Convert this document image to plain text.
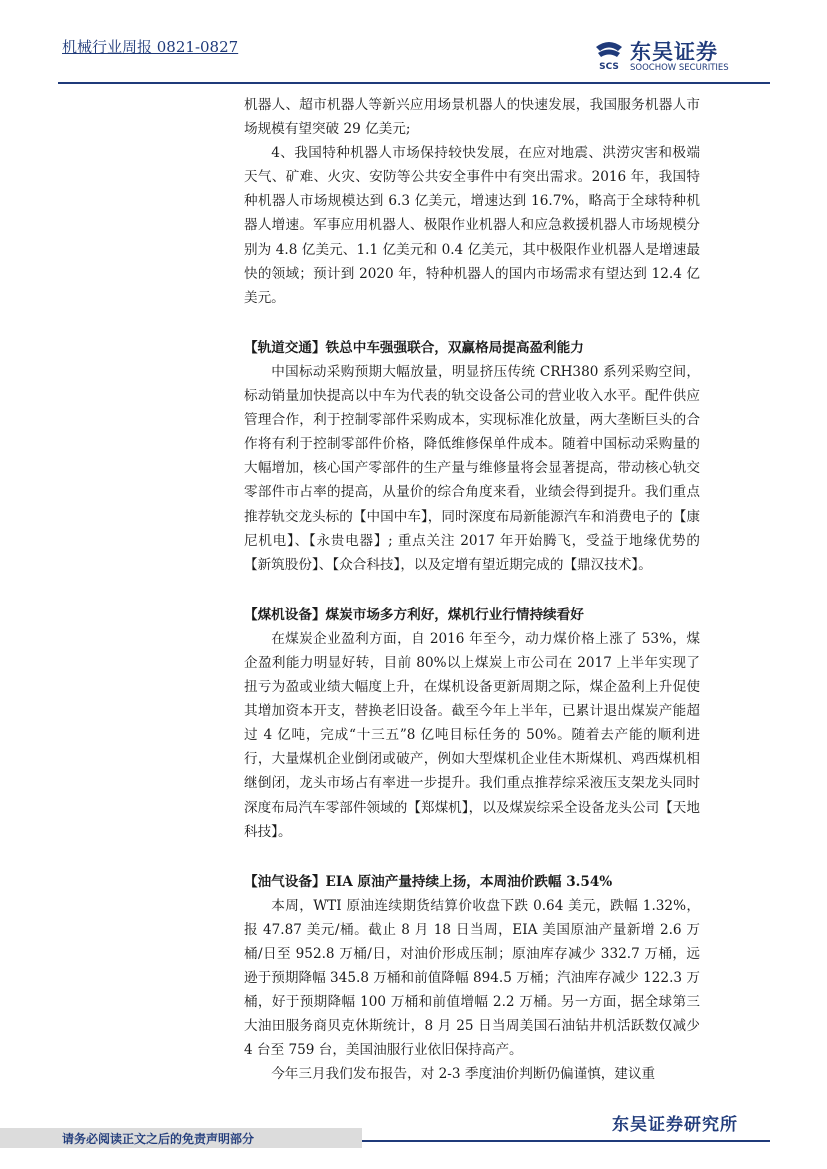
机械行业周报 0821-0827
SCS
东吴证券
SOOCHOW SECURITIES

机器人、超市机器人等新兴应用场景机器人的快速发展，我国服务机器人市场规模有望突破 29 亿美元;

4、我国特种机器人市场保持较快发展，在应对地震、洪涝灾害和极端天气、矿难、火灾、安防等公共安全事件中有突出需求。2016 年，我国特种机器人市场规模达到 6.3 亿美元，增速达到 16.7%，略高于全球特种机器人增速。军事应用机器人、极限作业机器人和应急救援机器人市场规模分别为 4.8 亿美元、1.1 亿美元和 0.4 亿美元，其中极限作业机器人是增速最快的领域；预计到 2020 年，特种机器人的国内市场需求有望达到 12.4 亿美元。

【轨道交通】铁总中车强强联合，双赢格局提高盈利能力

中国标动采购预期大幅放量，明显挤压传统 CRH380 系列采购空间，标动销量加快提高以中车为代表的轨交设备公司的营业收入水平。配件供应管理合作，利于控制零部件采购成本，实现标准化放量，两大垄断巨头的合作将有利于控制零部件价格，降低维修保单件成本。随着中国标动采购量的大幅增加，核心国产零部件的生产量与维修量将会显著提高，带动核心轨交零部件市占率的提高，从量价的综合角度来看，业绩会得到提升。我们重点推荐轨交龙头标的【中国中车】，同时深度布局新能源汽车和消费电子的【康尼机电】、【永贵电器】; 重点关注 2017 年开始腾飞，受益于地缘优势的【新筑股份】、【众合科技】，以及定增有望近期完成的【鼎汉技术】。

【煤机设备】煤炭市场多方利好，煤机行业行情持续看好

在煤炭企业盈利方面，自 2016 年至今，动力煤价格上涨了 53%，煤企盈利能力明显好转，目前 80%以上煤炭上市公司在 2017 上半年实现了扭亏为盈或业绩大幅度上升，在煤机设备更新周期之际，煤企盈利上升促使其增加资本开支，替换老旧设备。截至今年上半年，已累计退出煤炭产能超过 4 亿吨，完成“十三五”8 亿吨目标任务的 50%。随着去产能的顺利进行，大量煤机企业倒闭或破产，例如大型煤机企业佳木斯煤机、鸡西煤机相继倒闭，龙头市场占有率进一步提升。我们重点推荐综采液压支架龙头同时深度布局汽车零部件领域的【郑煤机】，以及煤炭综采全设备龙头公司【天地科技】。

【油气设备】EIA 原油产量持续上扬，本周油价跌幅 3.54%

本周，WTI 原油连续期货结算价收盘下跌 0.64 美元，跌幅 1.32%，报 47.87 美元/桶。截止 8 月 18 日当周，EIA 美国原油产量新增 2.6 万桶/日至 952.8 万桶/日，对油价形成压制；原油库存减少 332.7 万桶，远逊于预期降幅 345.8 万桶和前值降幅 894.5 万桶；汽油库存减少 122.3 万桶，好于预期降幅 100 万桶和前值增幅 2.2 万桶。另一方面，据全球第三大油田服务商贝克休斯统计，8 月 25 日当周美国石油钻井机活跃数仅减少 4 台至 759 台，美国油服行业依旧保持高产。

今年三月我们发布报告，对 2-3 季度油价判断仍偏谨慎，建议重

请务必阅读正文之后的免责声明部分
东吴证券研究所
